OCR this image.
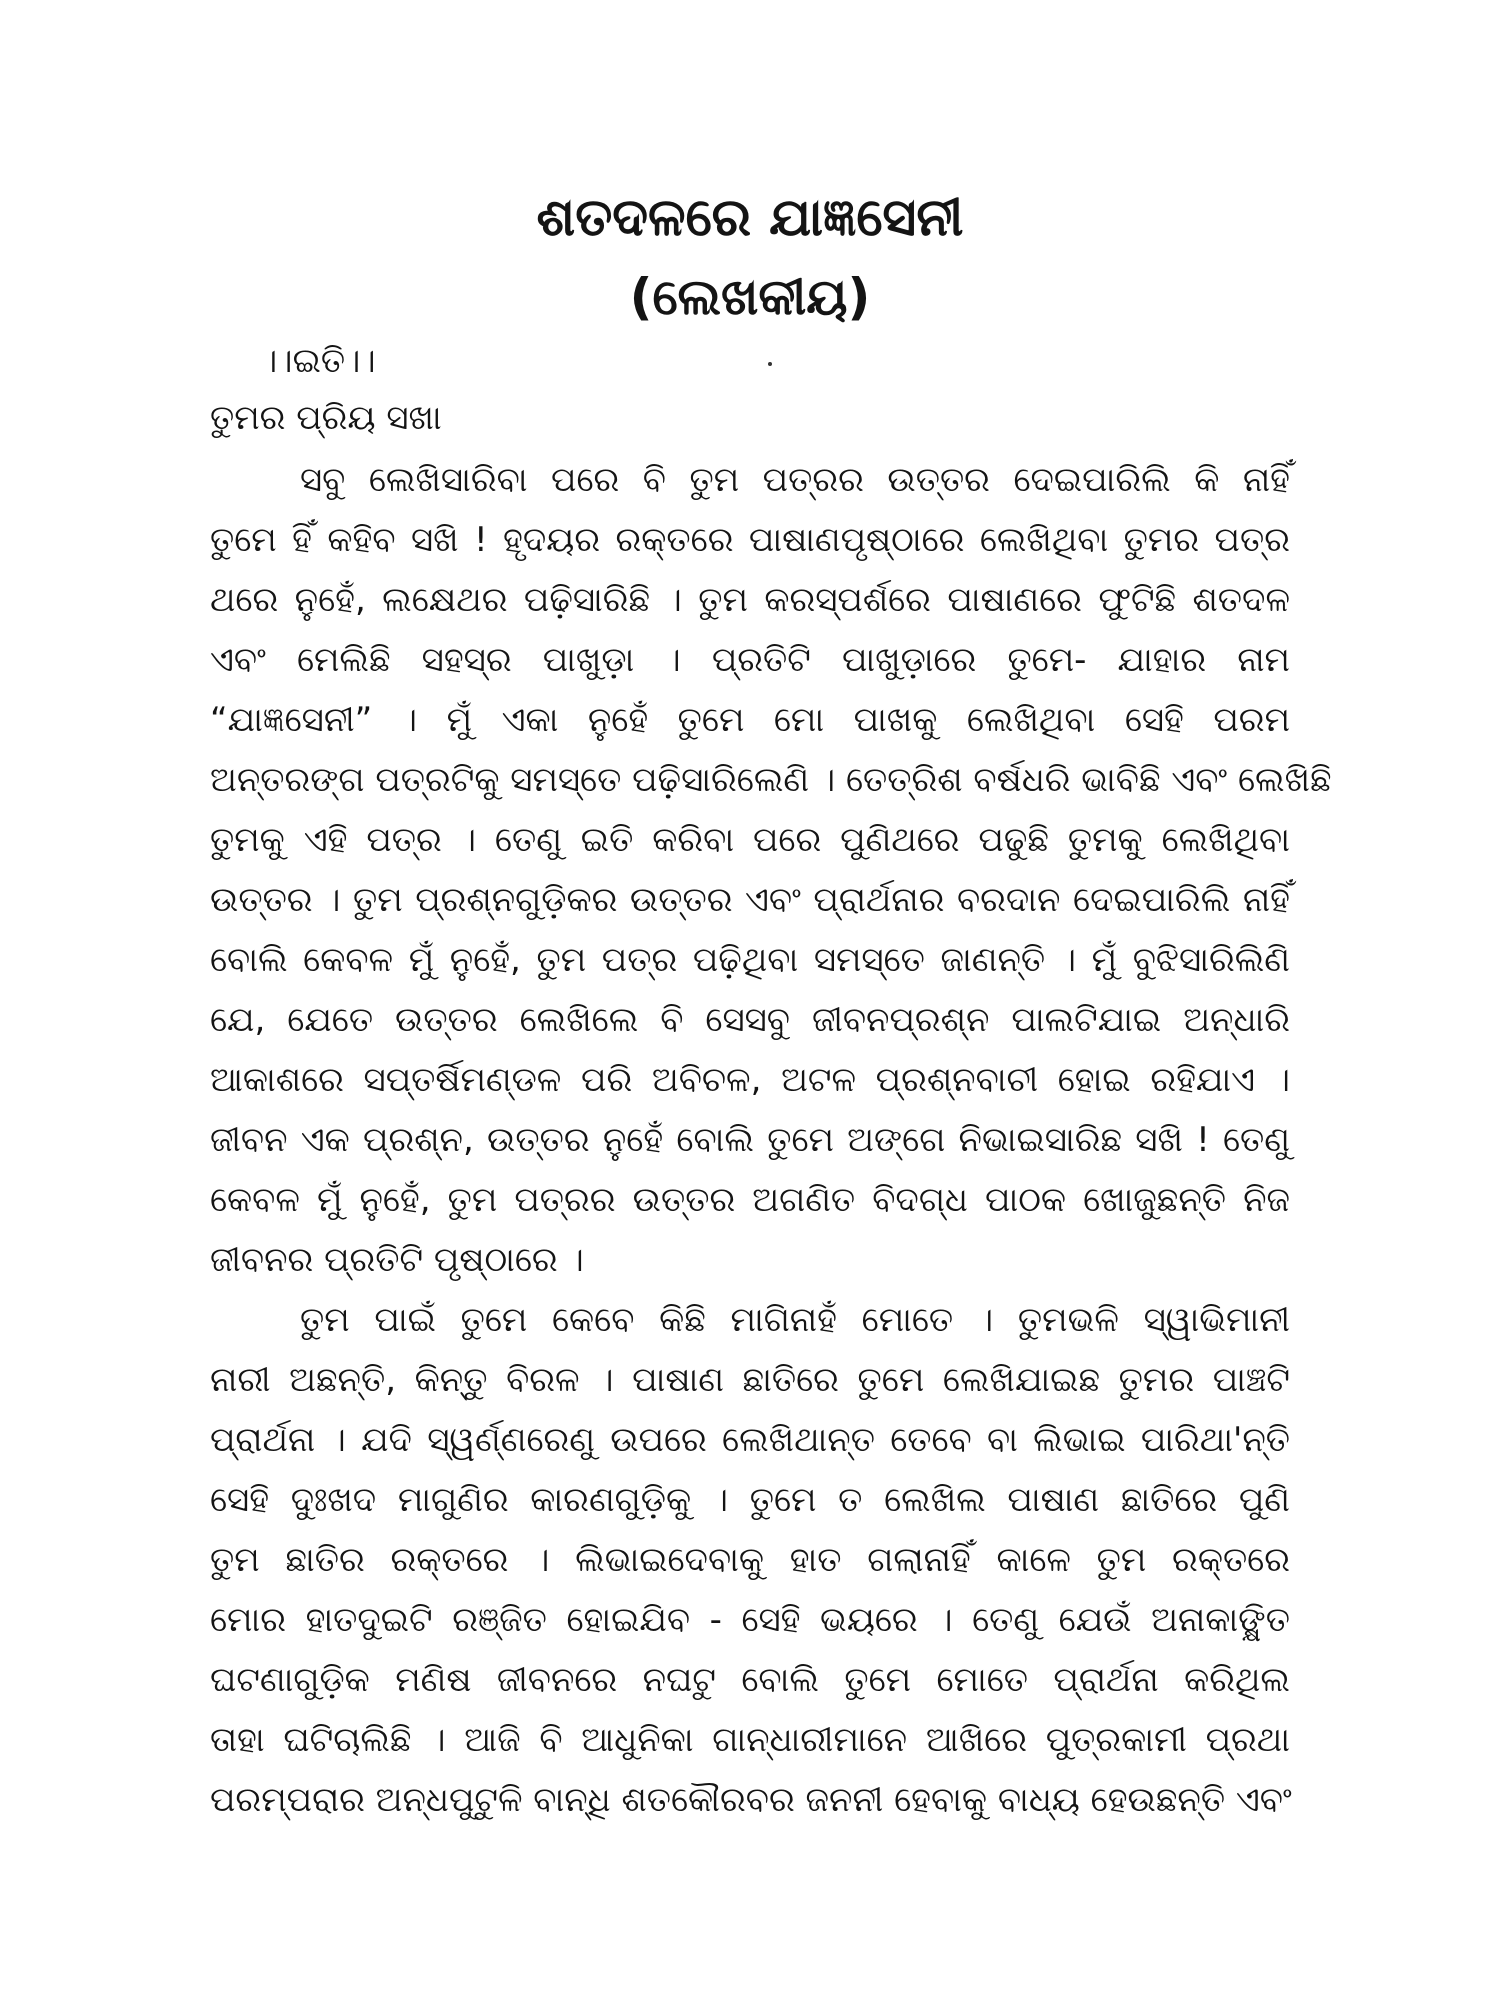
ଶତଦଳରେ ଯାଜ୍ଞସେନୀ
(ଲେଖକୀୟ)

।।ଇତି।।

ତୁମର ପ୍ରିୟ ସଖା

ସବୁ ଲେଖିସାରିବା ପରେ ବି ତୁମ ପତ୍ରର ଉତ୍ତର ଦେଇପାରିଲି କି ନାହିଁ

ତୁମେ ହିଁ କହିବ ସଖି ! ହୃଦୟର ରକ୍ତରେ ପାଷାଣପୃଷ୍ଠାରେ ଲେଖିଥିବା ତୁମର ପତ୍ର

ଥରେ ନୁହେଁ, ଲକ୍ଷେଥର ପଢ଼ିସାରିଛି । ତୁମ କରସ୍ପର୍ଶରେ ପାଷାଣରେ ଫୁଟିଛି ଶତଦଳ

ଏବଂ ମେଲିଛି ସହସ୍ର ପାଖୁଡ଼ା । ପ୍ରତିଟି ପାଖୁଡ଼ାରେ ତୁମେ- ଯାହାର ନାମ

“ଯାଜ୍ଞସେନୀ” । ମୁଁ ଏକା ନୁହେଁ ତୁମେ ମୋ ପାଖକୁ ଲେଖିଥିବା ସେହି ପରମ

ଅନ୍ତରଙ୍ଗ ପତ୍ରଟିକୁ ସମସ୍ତେ ପଢ଼ିସାରିଲେଣି । ତେତ୍ରିଶ ବର୍ଷଧରି ଭାବିଛି ଏବଂ ଲେଖିଛି

ତୁମକୁ ଏହି ପତ୍ର । ତେଣୁ ଇତି କରିବା ପରେ ପୁଣିଥରେ ପଢୁଛି ତୁମକୁ ଲେଖିଥିବା

ଉତ୍ତର । ତୁମ ପ୍ରଶ୍ନଗୁଡ଼ିକର ଉତ୍ତର ଏବଂ ପ୍ରାର୍ଥନାର ବରଦାନ ଦେଇପାରିଲି ନାହିଁ

ବୋଲି କେବଳ ମୁଁ ନୁହେଁ, ତୁମ ପତ୍ର ପଢ଼ିଥିବା ସମସ୍ତେ ଜାଣନ୍ତି । ମୁଁ ବୁଝିସାରିଲିଣି

ଯେ, ଯେତେ ଉତ୍ତର ଲେଖିଲେ ବି ସେସବୁ ଜୀବନପ୍ରଶ୍ନ ପାଲଟିଯାଇ ଅନ୍ଧାରି

ଆକାଶରେ ସପ୍ତର୍ଷିମଣ୍ଡଳ ପରି ଅବିଚଳ, ଅଟଳ ପ୍ରଶ୍ନବାଚୀ ହୋଇ ରହିଯାଏ ।

ଜୀବନ ଏକ ପ୍ରଶ୍ନ, ଉତ୍ତର ନୁହେଁ ବୋଲି ତୁମେ ଅଙ୍ଗେ ନିଭାଇସାରିଛ ସଖି ! ତେଣୁ

କେବଳ ମୁଁ ନୁହେଁ, ତୁମ ପତ୍ରର ଉତ୍ତର ଅଗଣିତ ବିଦଗ୍ଧ ପାଠକ ଖୋଜୁଛନ୍ତି ନିଜ

ଜୀବନର ପ୍ରତିଟି ପୃଷ୍ଠାରେ ।

ତୁମ ପାଇଁ ତୁମେ କେବେ କିଛି ମାଗିନାହଁ ମୋତେ । ତୁମଭଳି ସ୍ୱାଭିମାନୀ

ନାରୀ ଅଛନ୍ତି, କିନ୍ତୁ ବିରଳ । ପାଷାଣ ଛାତିରେ ତୁମେ ଲେଖିଯାଇଛ ତୁମର ପାଞ୍ଚଟି

ପ୍ରାର୍ଥନା । ଯଦି ସ୍ୱର୍ଣ୍ଣରେଣୁ ଉପରେ ଲେଖିଥାନ୍ତ ତେବେ ବା ଲିଭାଇ ପାରିଥା'ନ୍ତି

ସେହି ଦୁଃଖଦ ମାଗୁଣିର କାରଣଗୁଡ଼ିକୁ । ତୁମେ ତ ଲେଖିଲ ପାଷାଣ ଛାତିରେ ପୁଣି

ତୁମ ଛାତିର ରକ୍ତରେ । ଲିଭାଇଦେବାକୁ ହାତ ଗଲାନାହିଁ କାଳେ ତୁମ ରକ୍ତରେ

ମୋର ହାତଦୁଇଟି ରଞ୍ଜିତ ହୋଇଯିବ - ସେହି ଭୟରେ । ତେଣୁ ଯେଉଁ ଅନାକାଙ୍କ୍ଷିତ

ଘଟଣାଗୁଡ଼ିକ ମଣିଷ ଜୀବନରେ ନଘଟୁ ବୋଲି ତୁମେ ମୋତେ ପ୍ରାର୍ଥନା କରିଥିଲ

ତାହା ଘଟିଚାଲିଛି । ଆଜି ବି ଆଧୁନିକା ଗାନ୍ଧାରୀମାନେ ଆଖିରେ ପୁତ୍ରକାମୀ ପ୍ରଥା

ପରମ୍ପରାର ଅନ୍ଧପୁଟୁଳି ବାନ୍ଧି ଶତକୌରବର ଜନନୀ ହେବାକୁ ବାଧ୍ୟ ହେଉଛନ୍ତି ଏବଂ
